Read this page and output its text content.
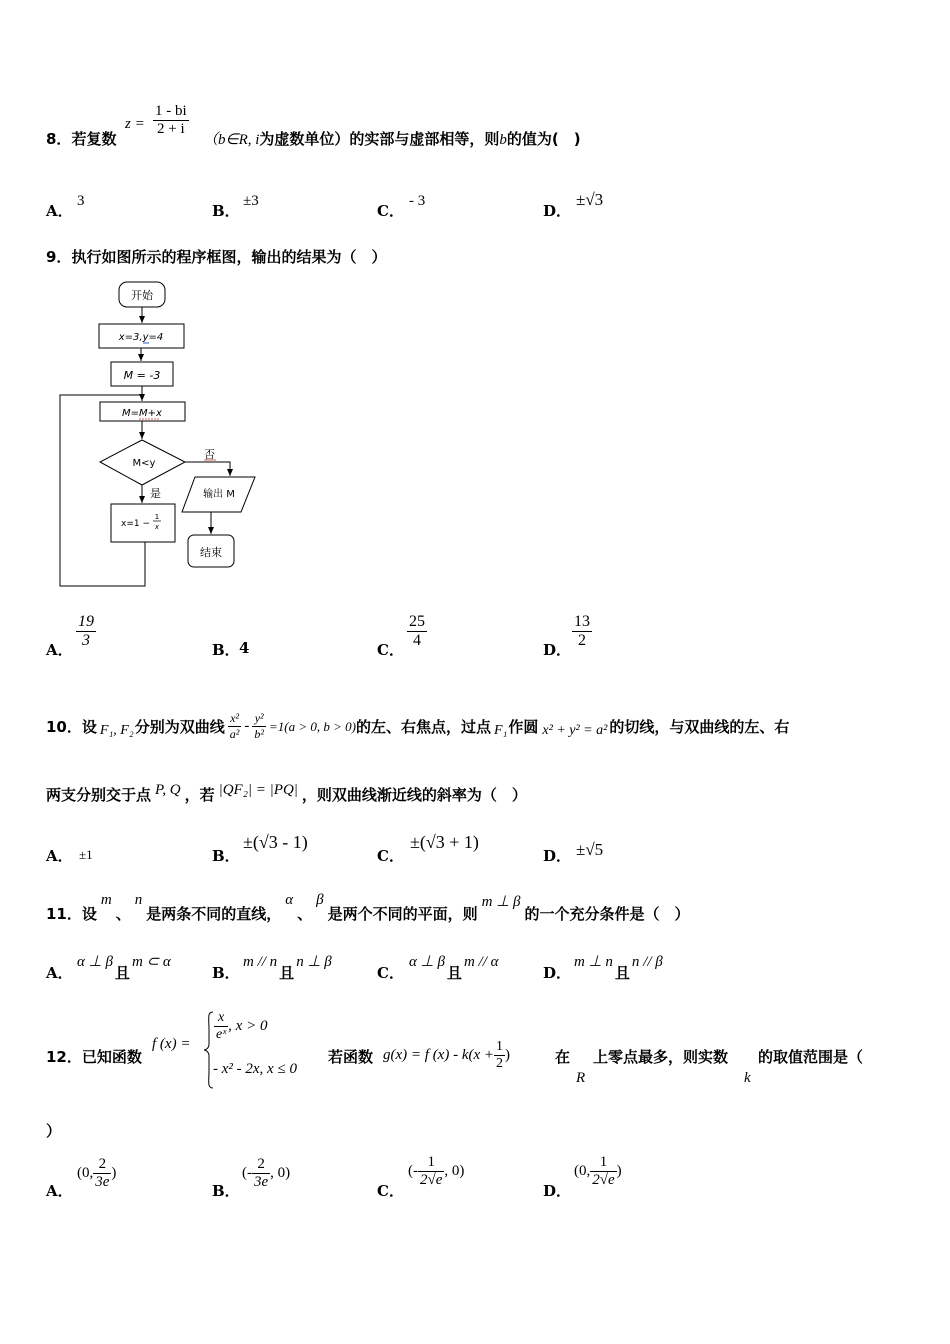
8．若复数
$z = \frac{1 - bi}{2 + i}$
（b∈R, i为虚数单位）的实部与虚部相等，则b的值为(　)
A．
3
B．
±3
C．
- 3
D．
±√3
9．执行如图所示的程序框图，输出的结果为（　）
开始
x=3,y=4
M = -3
M=M+x
M<y
否
输出 M
结束
是
x=1 −
1
x
A． $\frac{19}{3}$	B． 4	C． $\frac{25}{4}$	D． $\frac{13}{2}$
10． 设 F₁, F₂ 分别为双曲线 $\frac{\text{x²}}{\text{a²}} - \frac{\text{y²}}{\text{b²}} =1(a > 0$, b > 0) 的左、右焦点，过点 F₁ 作圆 x² + y² = a² 的切线，与双曲线的左、右
两支分别交于点 P, Q ，若 |QF₂| = |PQ| ，则双曲线渐近线的斜率为（　）
A． ±1	B．
±(√3 - 1)
C．
±(√3 + 1)
D． ±√5
11． 设
m
、
n
是两条不同的直线，
α
、
β
是两个不同的平面，则
m ⊥ β
的一个充分条件是（　）
A．
α ⊥ β且m ⊂ α
B．
m // n且n ⊥ β
C．
α ⊥ β且m // α
D．
m ⊥ n且n // β
12．已知函数
f (x) =
$\frac{x}{\text{eˣ}}$ , x > 0
- x² - 2x, x ≤ 0
若函数 g(x) = f $(x) - k(x + \frac{1}{2}$ )	在
R
上零点最多，则实数
k
的取值范围是（
）
A．
(0, $\frac{2}{3e}$ )
B．
(- $\frac{2}{3e}$ , 0)
C．
(- $\frac{1}{2√e}$ , 0)
D．
(0, $\frac{1}{2√e}$ )
